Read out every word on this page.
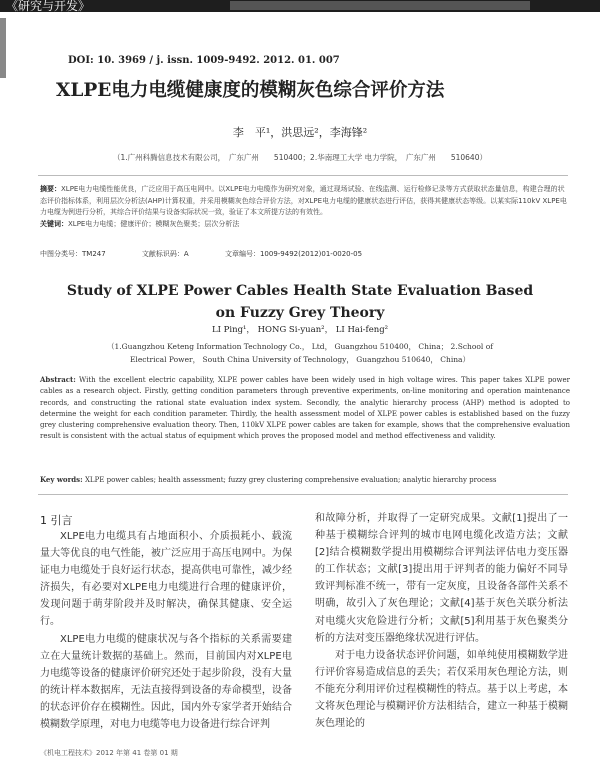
《研究与开发》
DOI: 10. 3969 / j. issn. 1009-9492. 2012. 01. 007
XLPE电力电缆健康度的模糊灰色综合评价方法
李　平¹，洪思远²，李海锋²
（1.广州科腾信息技术有限公司，　广东广州　　510400；2.华南理工大学 电力学院，　广东广州　　510640）
摘要：XLPE电力电缆性能优良，广泛应用于高压电网中。以XLPE电力电缆作为研究对象，通过现场试验、在线监测、运行检修记录等方式获取状态量信息，构建合理的状态评价指标体系，利用层次分析法(AHP)计算权重，并采用模糊灰色综合评价方法，对XLPE电力电缆的健康状态进行评估，获得其健康状态等级。以某实际110kV XLPE电力电缆为例进行分析，其综合评价结果与设备实际状况一致，验证了本文所提方法的有效性。
关键词：XLPE电力电缆；健康评价；模糊灰色聚类；层次分析法
中图分类号：TM247	文献标识码：A	文章编号：1009-9492(2012)01-0020-05
Study of XLPE Power Cables Health State Evaluation Based on Fuzzy Grey Theory
LI Ping¹， HONG Si-yuan²， LI Hai-feng²
（1.Guangzhou Keteng Information Technology Co.， Ltd， Guangzhou 510400， China； 2.School of Electrical Power， South China University of Technology， Guangzhou 510640， China）
Abstract: With the excellent electric capability, XLPE power cables have been widely used in high voltage wires. This paper takes XLPE power cables as a research object. Firstly, getting condition parameters through preventive experiments, on-line monitoring and operation maintenance records, and constructing the rational state evaluation index system. Secondly, the analytic hierarchy process (AHP) method is adopted to determine the weight for each condition parameter. Thirdly, the health assessment model of XLPE power cables is established based on the fuzzy grey clustering comprehensive evaluation theory. Then, 110kV XLPE power cables are taken for example, shows that the comprehensive evaluation result is consistent with the actual status of equipment which proves the proposed model and method effectiveness and validity.
Key words: XLPE power cables; health assessment; fuzzy grey clustering comprehensive evaluation; analytic hierarchy process
1 引言

XLPE电力电缆具有占地面积小、介质损耗小、载流量大等优良的电气性能，被广泛应用于高压电网中。为保证电力电缆处于良好运行状态，提高供电可靠性，减少经济损失，有必要对XLPE电力电缆进行合理的健康评价，发现问题于萌芽阶段并及时解决，确保其健康、安全运行。

XLPE电力电缆的健康状况与各个指标的关系需要建立在大量统计数据的基础上。然而，目前国内对XLPE电力电缆等设备的健康评价研究还处于起步阶段，没有大量的统计样本数据库，无法直接得到设备的寿命模型，设备的状态评价存在模糊性。因此，国内外专家学者开始结合模糊数学原理，对电力电缆等电力设备进行综合评判

和故障分析，并取得了一定研究成果。文献[1]提出了一种基于模糊综合评判的城市电网电缆化改造方法；文献[2]结合模糊数学提出用模糊综合评判法评估电力变压器的工作状态；文献[3]提出用于评判者的能力偏好不同导致评判标准不统一，带有一定灰度，且设备各部件关系不明确，故引入了灰色理论；文献[4]基于灰色关联分析法对电缆火灾危险进行分析；文献[5]利用基于灰色聚类分析的方法对变压器绝缘状况进行评估。

对于电力设备状态评价问题，如单纯使用模糊数学进行评价容易造成信息的丢失；若仅采用灰色理论方法，则不能充分利用评价过程模糊性的特点。基于以上考虑，本文将灰色理论与模糊评价方法相结合，建立一种基于模糊灰色理论的

《机电工程技术》2012 年第 41 卷第 01 期
